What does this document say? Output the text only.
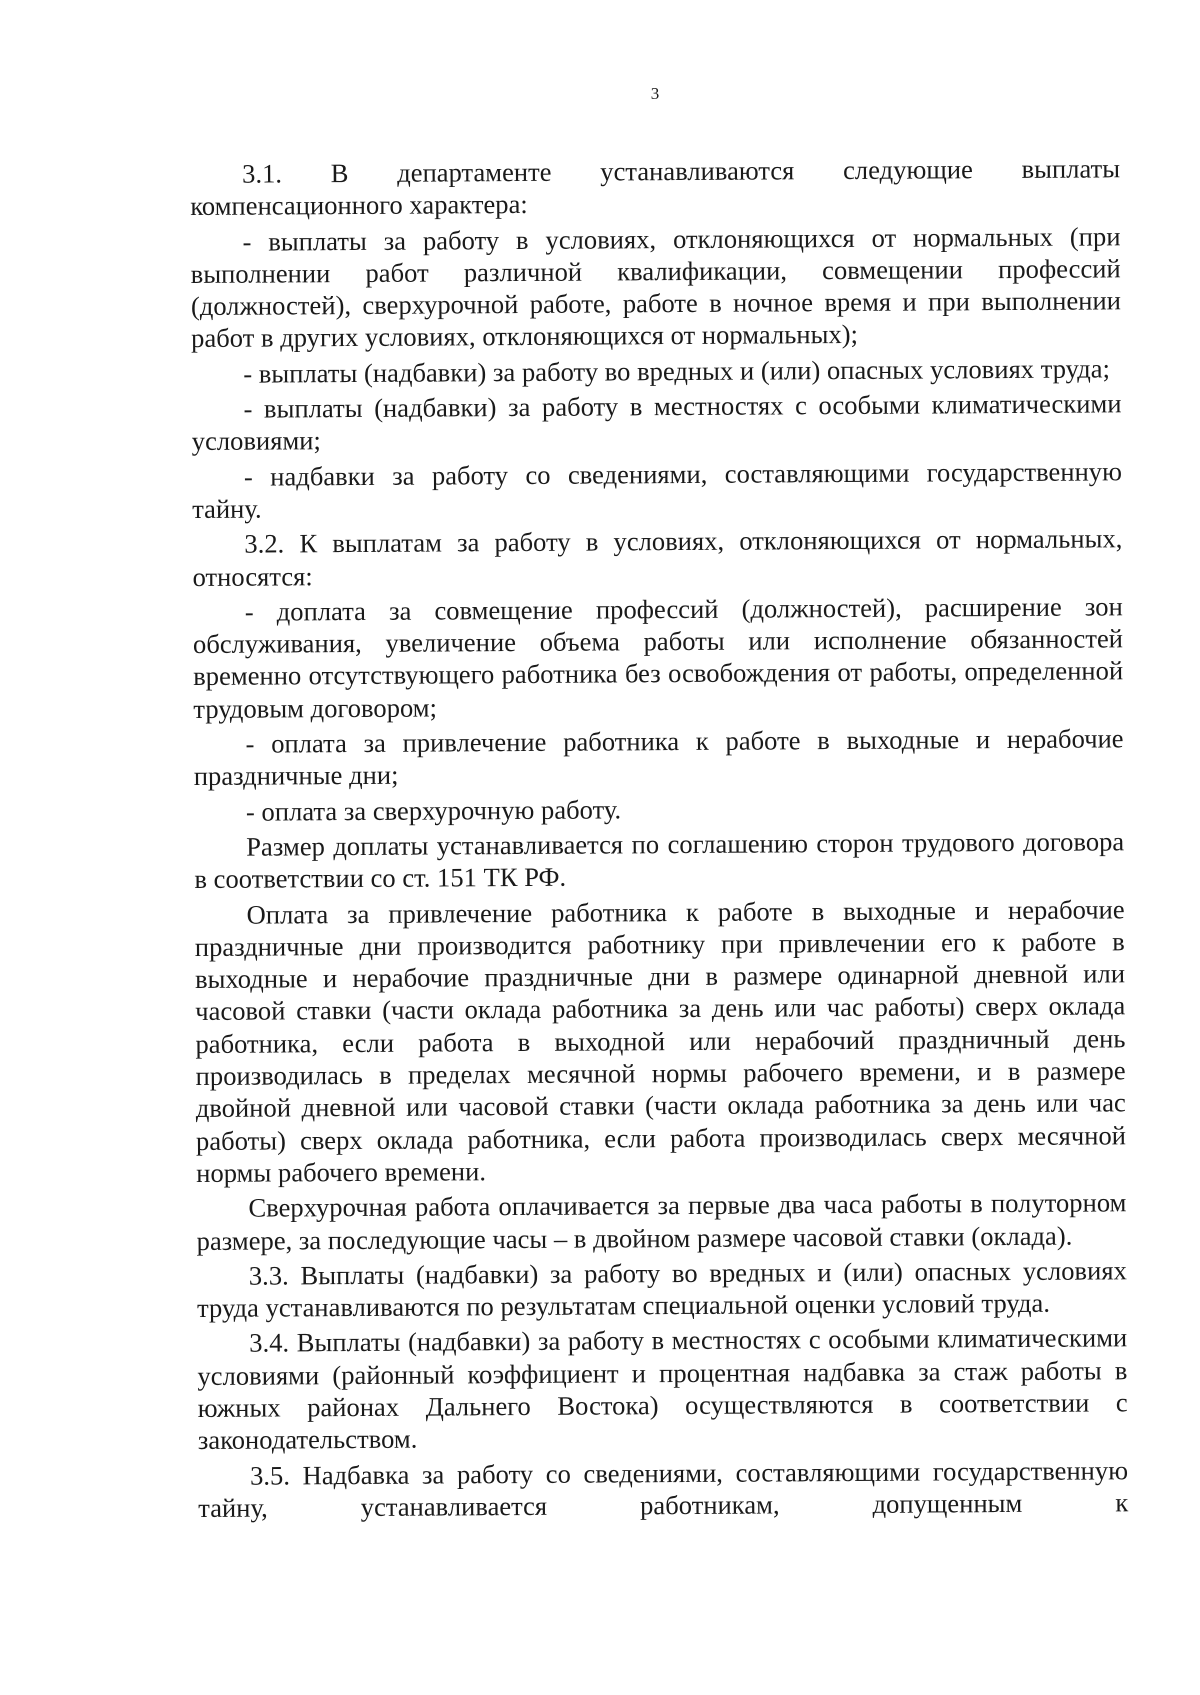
3

3.1. В департаменте устанавливаются следующие выплаты компенсационного характера:

- выплаты за работу в условиях, отклоняющихся от нормальных (при выполнении работ различной квалификации, совмещении профессий (должностей), сверхурочной работе, работе в ночное время и при выполнении работ в других условиях, отклоняющихся от нормальных);

- выплаты (надбавки) за работу во вредных и (или) опасных условиях труда;

- выплаты (надбавки) за работу в местностях с особыми климатическими условиями;

- надбавки за работу со сведениями, составляющими государственную тайну.

3.2. К выплатам за работу в условиях, отклоняющихся от нормальных, относятся:

- доплата за совмещение профессий (должностей), расширение зон обслуживания, увеличение объема работы или исполнение обязанностей временно отсутствующего работника без освобождения от работы, определенной трудовым договором;

- оплата за привлечение работника к работе в выходные и нерабочие праздничные дни;

- оплата за сверхурочную работу.

Размер доплаты устанавливается по соглашению сторон трудового договора в соответствии со ст. 151 ТК РФ.

Оплата за привлечение работника к работе в выходные и нерабочие праздничные дни производится работнику при привлечении его к работе в выходные и нерабочие праздничные дни в размере одинарной дневной или часовой ставки (части оклада работника за день или час работы) сверх оклада работника, если работа в выходной или нерабочий праздничный день производилась в пределах месячной нормы рабочего времени, и в размере двойной дневной или часовой ставки (части оклада работника за день или час работы) сверх оклада работника, если работа производилась сверх месячной нормы рабочего времени.

Сверхурочная работа оплачивается за первые два часа работы в полуторном размере, за последующие часы – в двойном размере часовой ставки (оклада).

3.3. Выплаты (надбавки) за работу во вредных и (или) опасных условиях труда устанавливаются по результатам специальной оценки условий труда.

3.4. Выплаты (надбавки) за работу в местностях с особыми климатическими условиями (районный коэффициент и процентная надбавка за стаж работы в южных районах Дальнего Востока) осуществляются в соответствии с законодательством.

3.5. Надбавка за работу со сведениями, составляющими государственную тайну, устанавливается работникам, допущенным к
